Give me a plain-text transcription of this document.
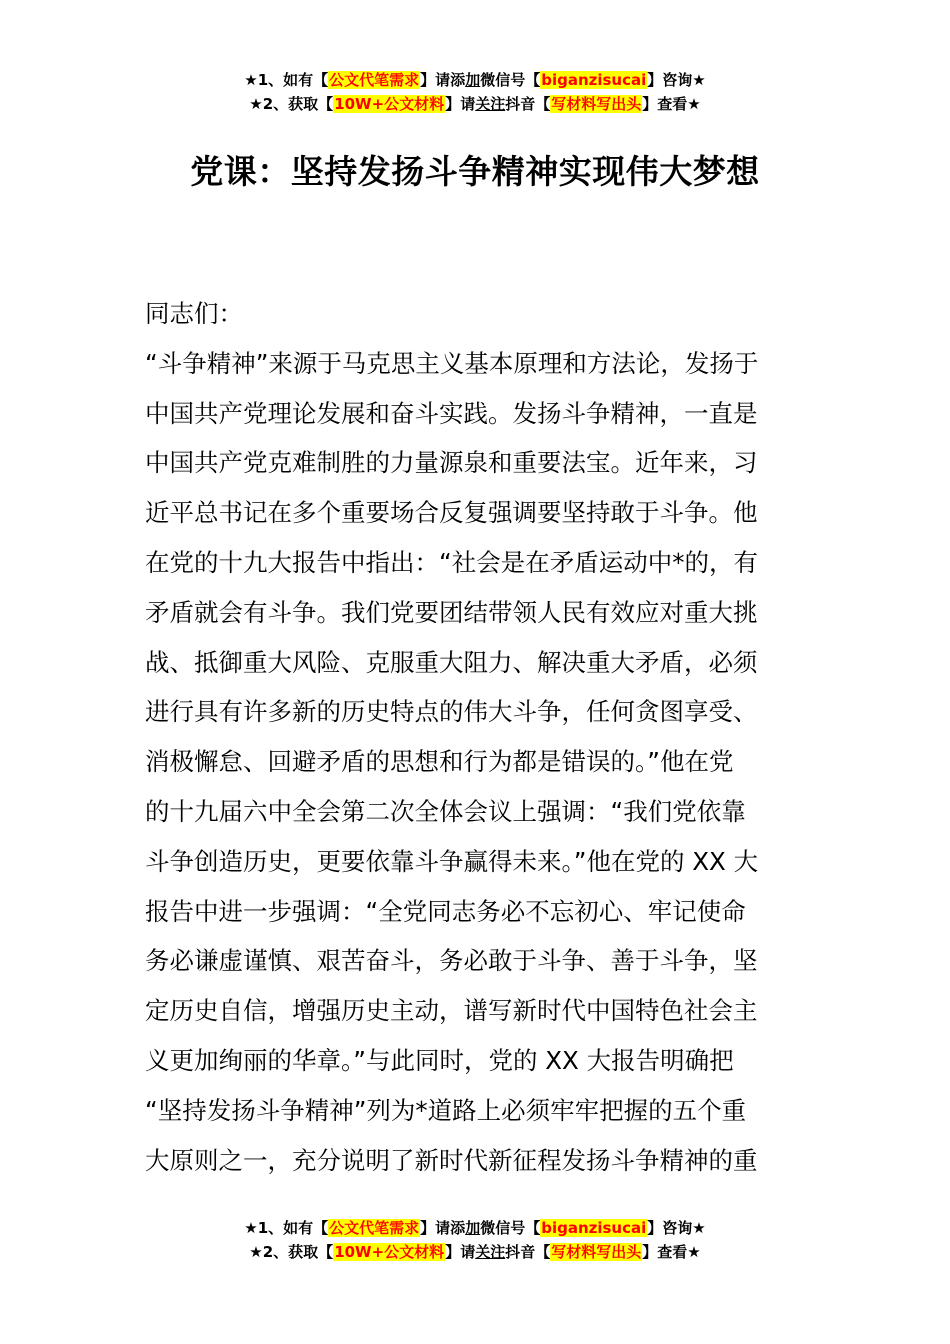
★1、如有【公文代笔需求】请添加微信号【biganzisucai】咨询★
★2、获取【10W+公文材料】请关注抖音【写材料写出头】查看★
党课：坚持发扬斗争精神实现伟大梦想
同志们：
“斗争精神”来源于马克思主义基本原理和方法论，发扬于
中国共产党理论发展和奋斗实践。发扬斗争精神，一直是
中国共产党克难制胜的力量源泉和重要法宝。近年来，习
近平总书记在多个重要场合反复强调要坚持敢于斗争。他
在党的十九大报告中指出：“社会是在矛盾运动中*的，有
矛盾就会有斗争。我们党要团结带领人民有效应对重大挑
战、抵御重大风险、克服重大阻力、解决重大矛盾，必须
进行具有许多新的历史特点的伟大斗争，任何贪图享受、
消极懈怠、回避矛盾的思想和行为都是错误的。”他在党
的十九届六中全会第二次全体会议上强调：“我们党依靠
斗争创造历史，更要依靠斗争赢得未来。”他在党的 XX 大
报告中进一步强调：“全党同志务必不忘初心、牢记使命
务必谦虚谨慎、艰苦奋斗，务必敢于斗争、善于斗争，坚
定历史自信，增强历史主动，谱写新时代中国特色社会主
义更加绚丽的华章。”与此同时，党的 XX 大报告明确把
“坚持发扬斗争精神”列为*道路上必须牢牢把握的五个重
大原则之一，充分说明了新时代新征程发扬斗争精神的重
★1、如有【公文代笔需求】请添加微信号【biganzisucai】咨询★
★2、获取【10W+公文材料】请关注抖音【写材料写出头】查看★
